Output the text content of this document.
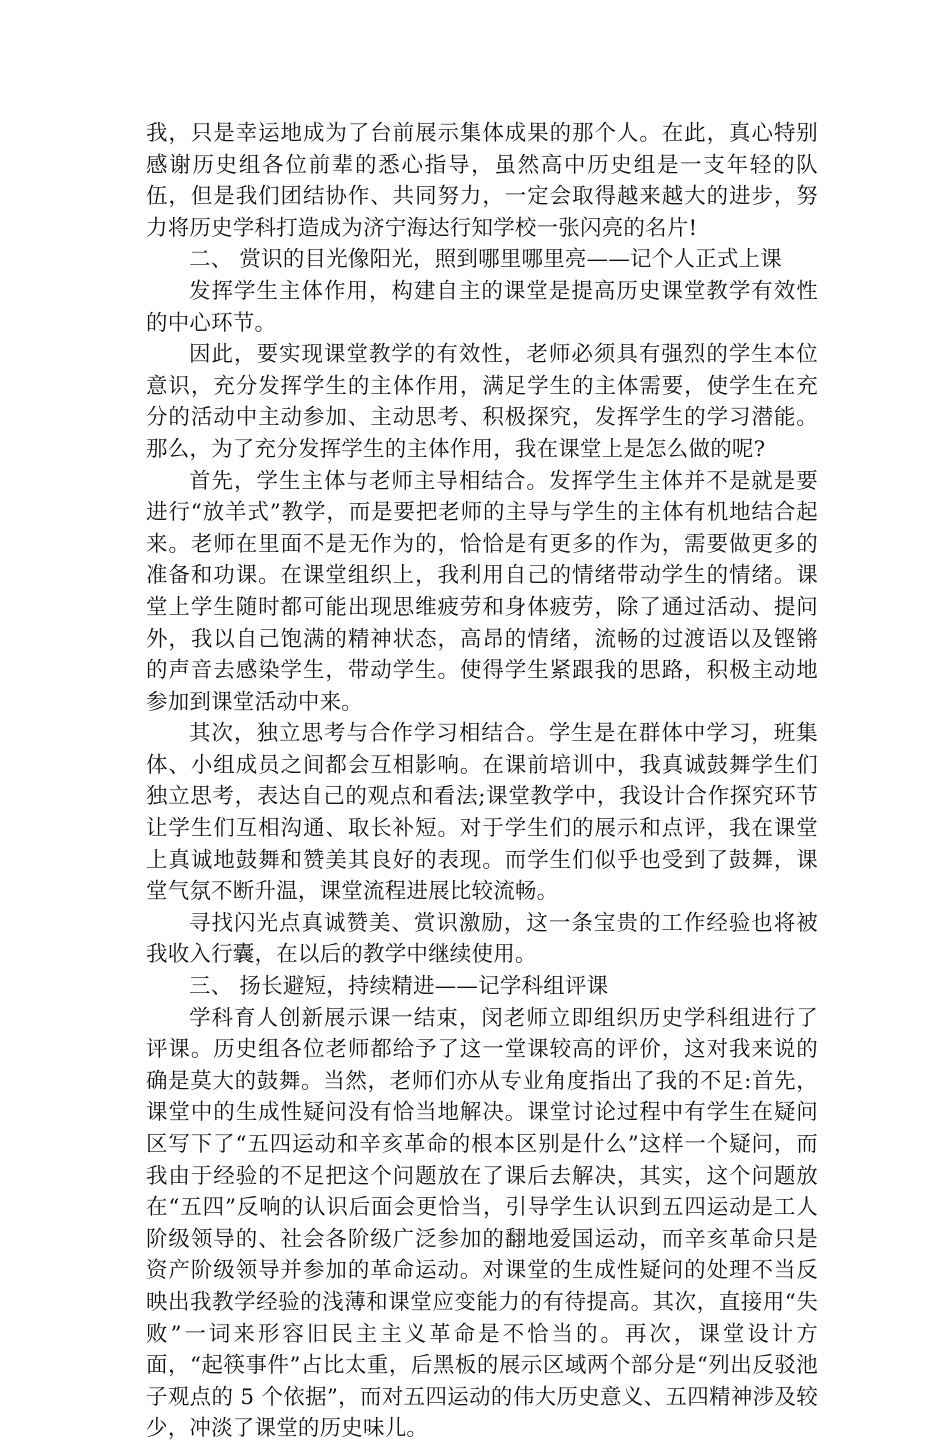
我，只是幸运地成为了台前展示集体成果的那个人。在此，真心特别感谢历史组各位前辈的悉心指导，虽然高中历史组是一支年轻的队伍，但是我们团结协作、共同努力，一定会取得越来越大的进步，努力将历史学科打造成为济宁海达行知学校一张闪亮的名片!

二、 赏识的目光像阳光，照到哪里哪里亮——记个人正式上课

发挥学生主体作用，构建自主的课堂是提高历史课堂教学有效性的中心环节。

因此，要实现课堂教学的有效性，老师必须具有强烈的学生本位意识，充分发挥学生的主体作用，满足学生的主体需要，使学生在充分的活动中主动参加、主动思考、积极探究，发挥学生的学习潜能。那么，为了充分发挥学生的主体作用，我在课堂上是怎么做的呢?

首先，学生主体与老师主导相结合。发挥学生主体并不是就是要进行“放羊式”教学，而是要把老师的主导与学生的主体有机地结合起来。老师在里面不是无作为的，恰恰是有更多的作为，需要做更多的准备和功课。在课堂组织上，我利用自己的情绪带动学生的情绪。课堂上学生随时都可能出现思维疲劳和身体疲劳，除了通过活动、提问外，我以自己饱满的精神状态，高昂的情绪，流畅的过渡语以及铿锵的声音去感染学生，带动学生。使得学生紧跟我的思路，积极主动地参加到课堂活动中来。

其次，独立思考与合作学习相结合。学生是在群体中学习，班集体、小组成员之间都会互相影响。在课前培训中，我真诚鼓舞学生们独立思考，表达自己的观点和看法;课堂教学中，我设计合作探究环节让学生们互相沟通、取长补短。对于学生们的展示和点评，我在课堂上真诚地鼓舞和赞美其良好的表现。而学生们似乎也受到了鼓舞，课堂气氛不断升温，课堂流程进展比较流畅。

寻找闪光点真诚赞美、赏识激励，这一条宝贵的工作经验也将被我收入行囊，在以后的教学中继续使用。

三、 扬长避短，持续精进——记学科组评课

学科育人创新展示课一结束，闵老师立即组织历史学科组进行了评课。历史组各位老师都给予了这一堂课较高的评价，这对我来说的确是莫大的鼓舞。当然，老师们亦从专业角度指出了我的不足:首先，课堂中的生成性疑问没有恰当地解决。课堂讨论过程中有学生在疑问区写下了“五四运动和辛亥革命的根本区别是什么”这样一个疑问，而我由于经验的不足把这个问题放在了课后去解决，其实，这个问题放在“五四”反响的认识后面会更恰当，引导学生认识到五四运动是工人阶级领导的、社会各阶级广泛参加的翻地爱国运动，而辛亥革命只是资产阶级领导并参加的革命运动。对课堂的生成性疑问的处理不当反映出我教学经验的浅薄和课堂应变能力的有待提高。其次，直接用“失败”一词来形容旧民主主义革命是不恰当的。再次，课堂设计方面，“起筷事件”占比太重，后黑板的展示区域两个部分是“列出反驳池子观点的 5 个依据”，而对五四运动的伟大历史意义、五四精神涉及较少，冲淡了课堂的历史味儿。
